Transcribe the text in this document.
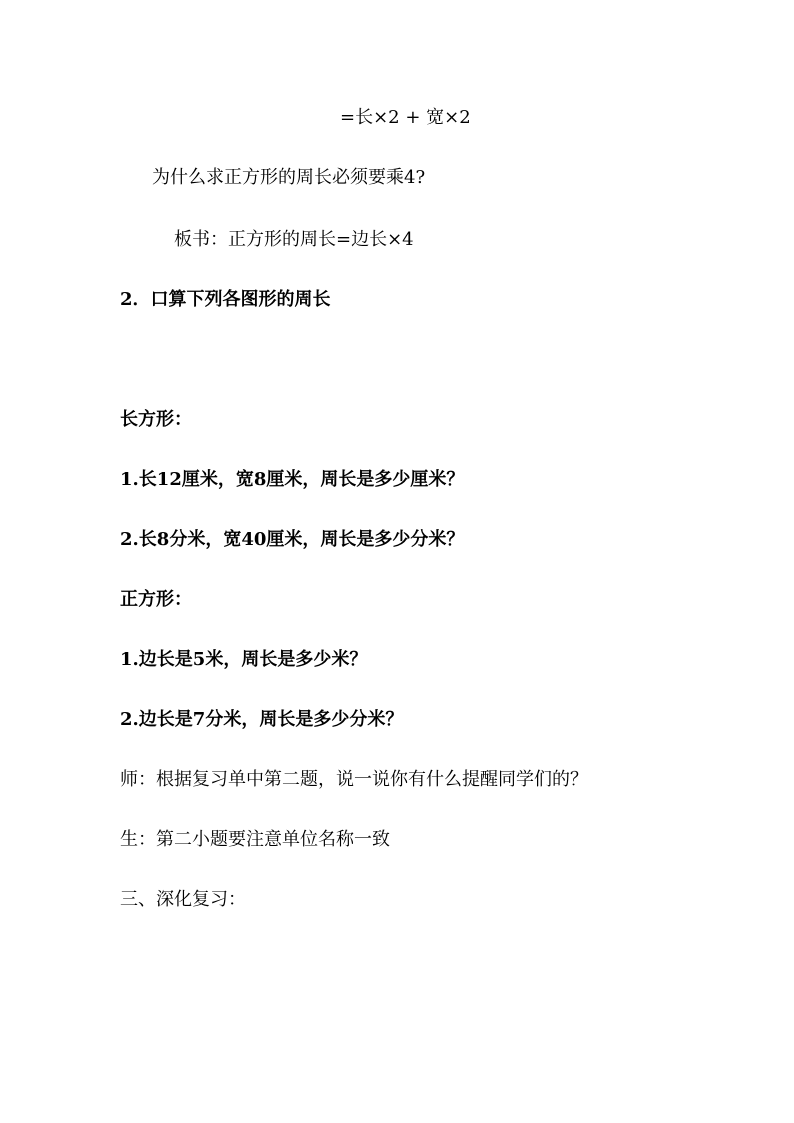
=长×2 + 宽×2
为什么求正方形的周长必须要乘4?
板书：正方形的周长=边长×4
2．口算下列各图形的周长
长方形：
1.长12厘米，宽8厘米，周长是多少厘米？
2.长8分米，宽40厘米，周长是多少分米？
正方形：
1.边长是5米，周长是多少米？
2.边长是7分米，周长是多少分米？
师：根据复习单中第二题，说一说你有什么提醒同学们的？
生：第二小题要注意单位名称一致
三、深化复习：
